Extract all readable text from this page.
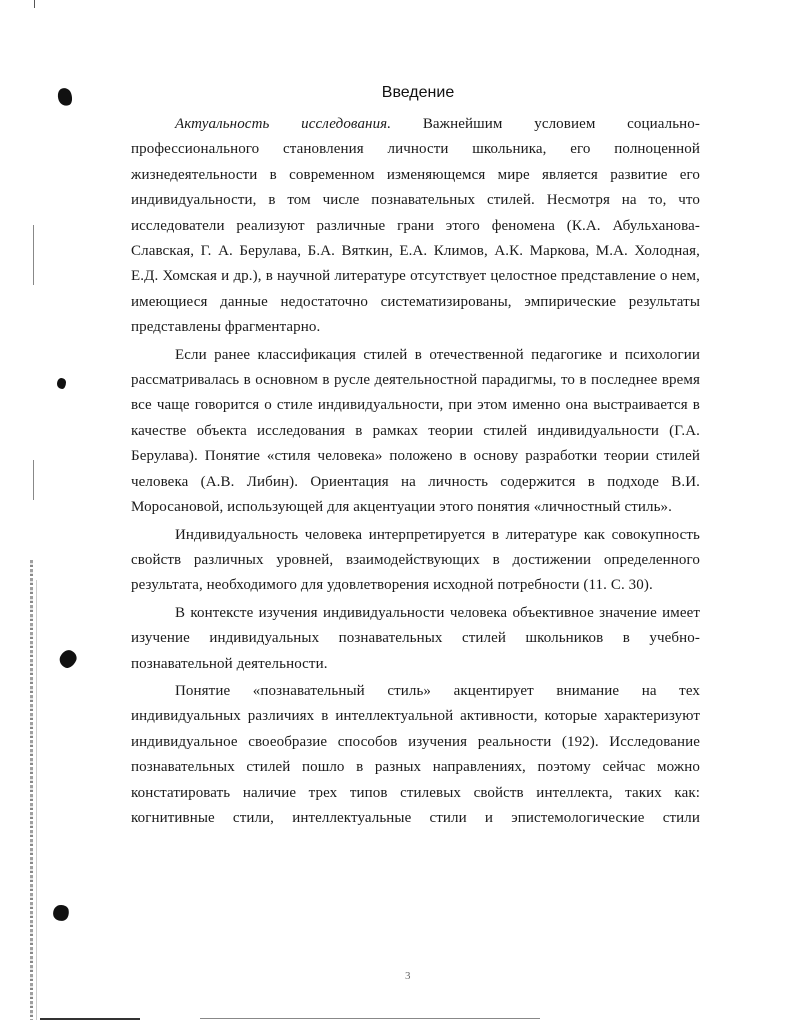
Введение

Актуальность исследования. Важнейшим условием социально-профессионального становления личности школьника, его полноценной жизнедеятельности в современном изменяющемся мире является развитие его индивидуальности, в том числе познавательных стилей. Несмотря на то, что исследователи реализуют различные грани этого феномена (К.А. Абульханова-Славская, Г. А. Берулава, Б.А. Вяткин, Е.А. Климов, А.К. Маркова, М.А. Холодная, Е.Д. Хомская и др.), в научной литературе отсутствует целостное представление о нем, имеющиеся данные недостаточно систематизированы, эмпирические результаты представлены фрагментарно.

Если ранее классификация стилей в отечественной педагогике и психологии рассматривалась в основном в русле деятельностной парадигмы, то в последнее время все чаще говорится о стиле индивидуальности, при этом именно она выстраивается в качестве объекта исследования в рамках теории стилей индивидуальности (Г.А. Берулава). Понятие «стиля человека» положено в основу разработки теории стилей человека (А.В. Либин). Ориентация на личность содержится в подходе В.И. Моросановой, использующей для акцентуации этого понятия «личностный стиль».

Индивидуальность человека интерпретируется в литературе как совокупность свойств различных уровней, взаимодействующих в достижении определенного результата, необходимого для удовлетворения исходной потребности (11. С. 30).

В контексте изучения индивидуальности человека объективное значение имеет изучение индивидуальных познавательных стилей школьников в учебно-познавательной деятельности.

Понятие «познавательный стиль» акцентирует внимание на тех индивидуальных различиях в интеллектуальной активности, которые характеризуют индивидуальное своеобразие способов изучения реальности (192). Исследование познавательных стилей пошло в разных направлениях, поэтому сейчас можно констатировать наличие трех типов стилевых свойств интеллекта, таких как: когнитивные стили, интеллектуальные стили и эпистемологические стили

3
